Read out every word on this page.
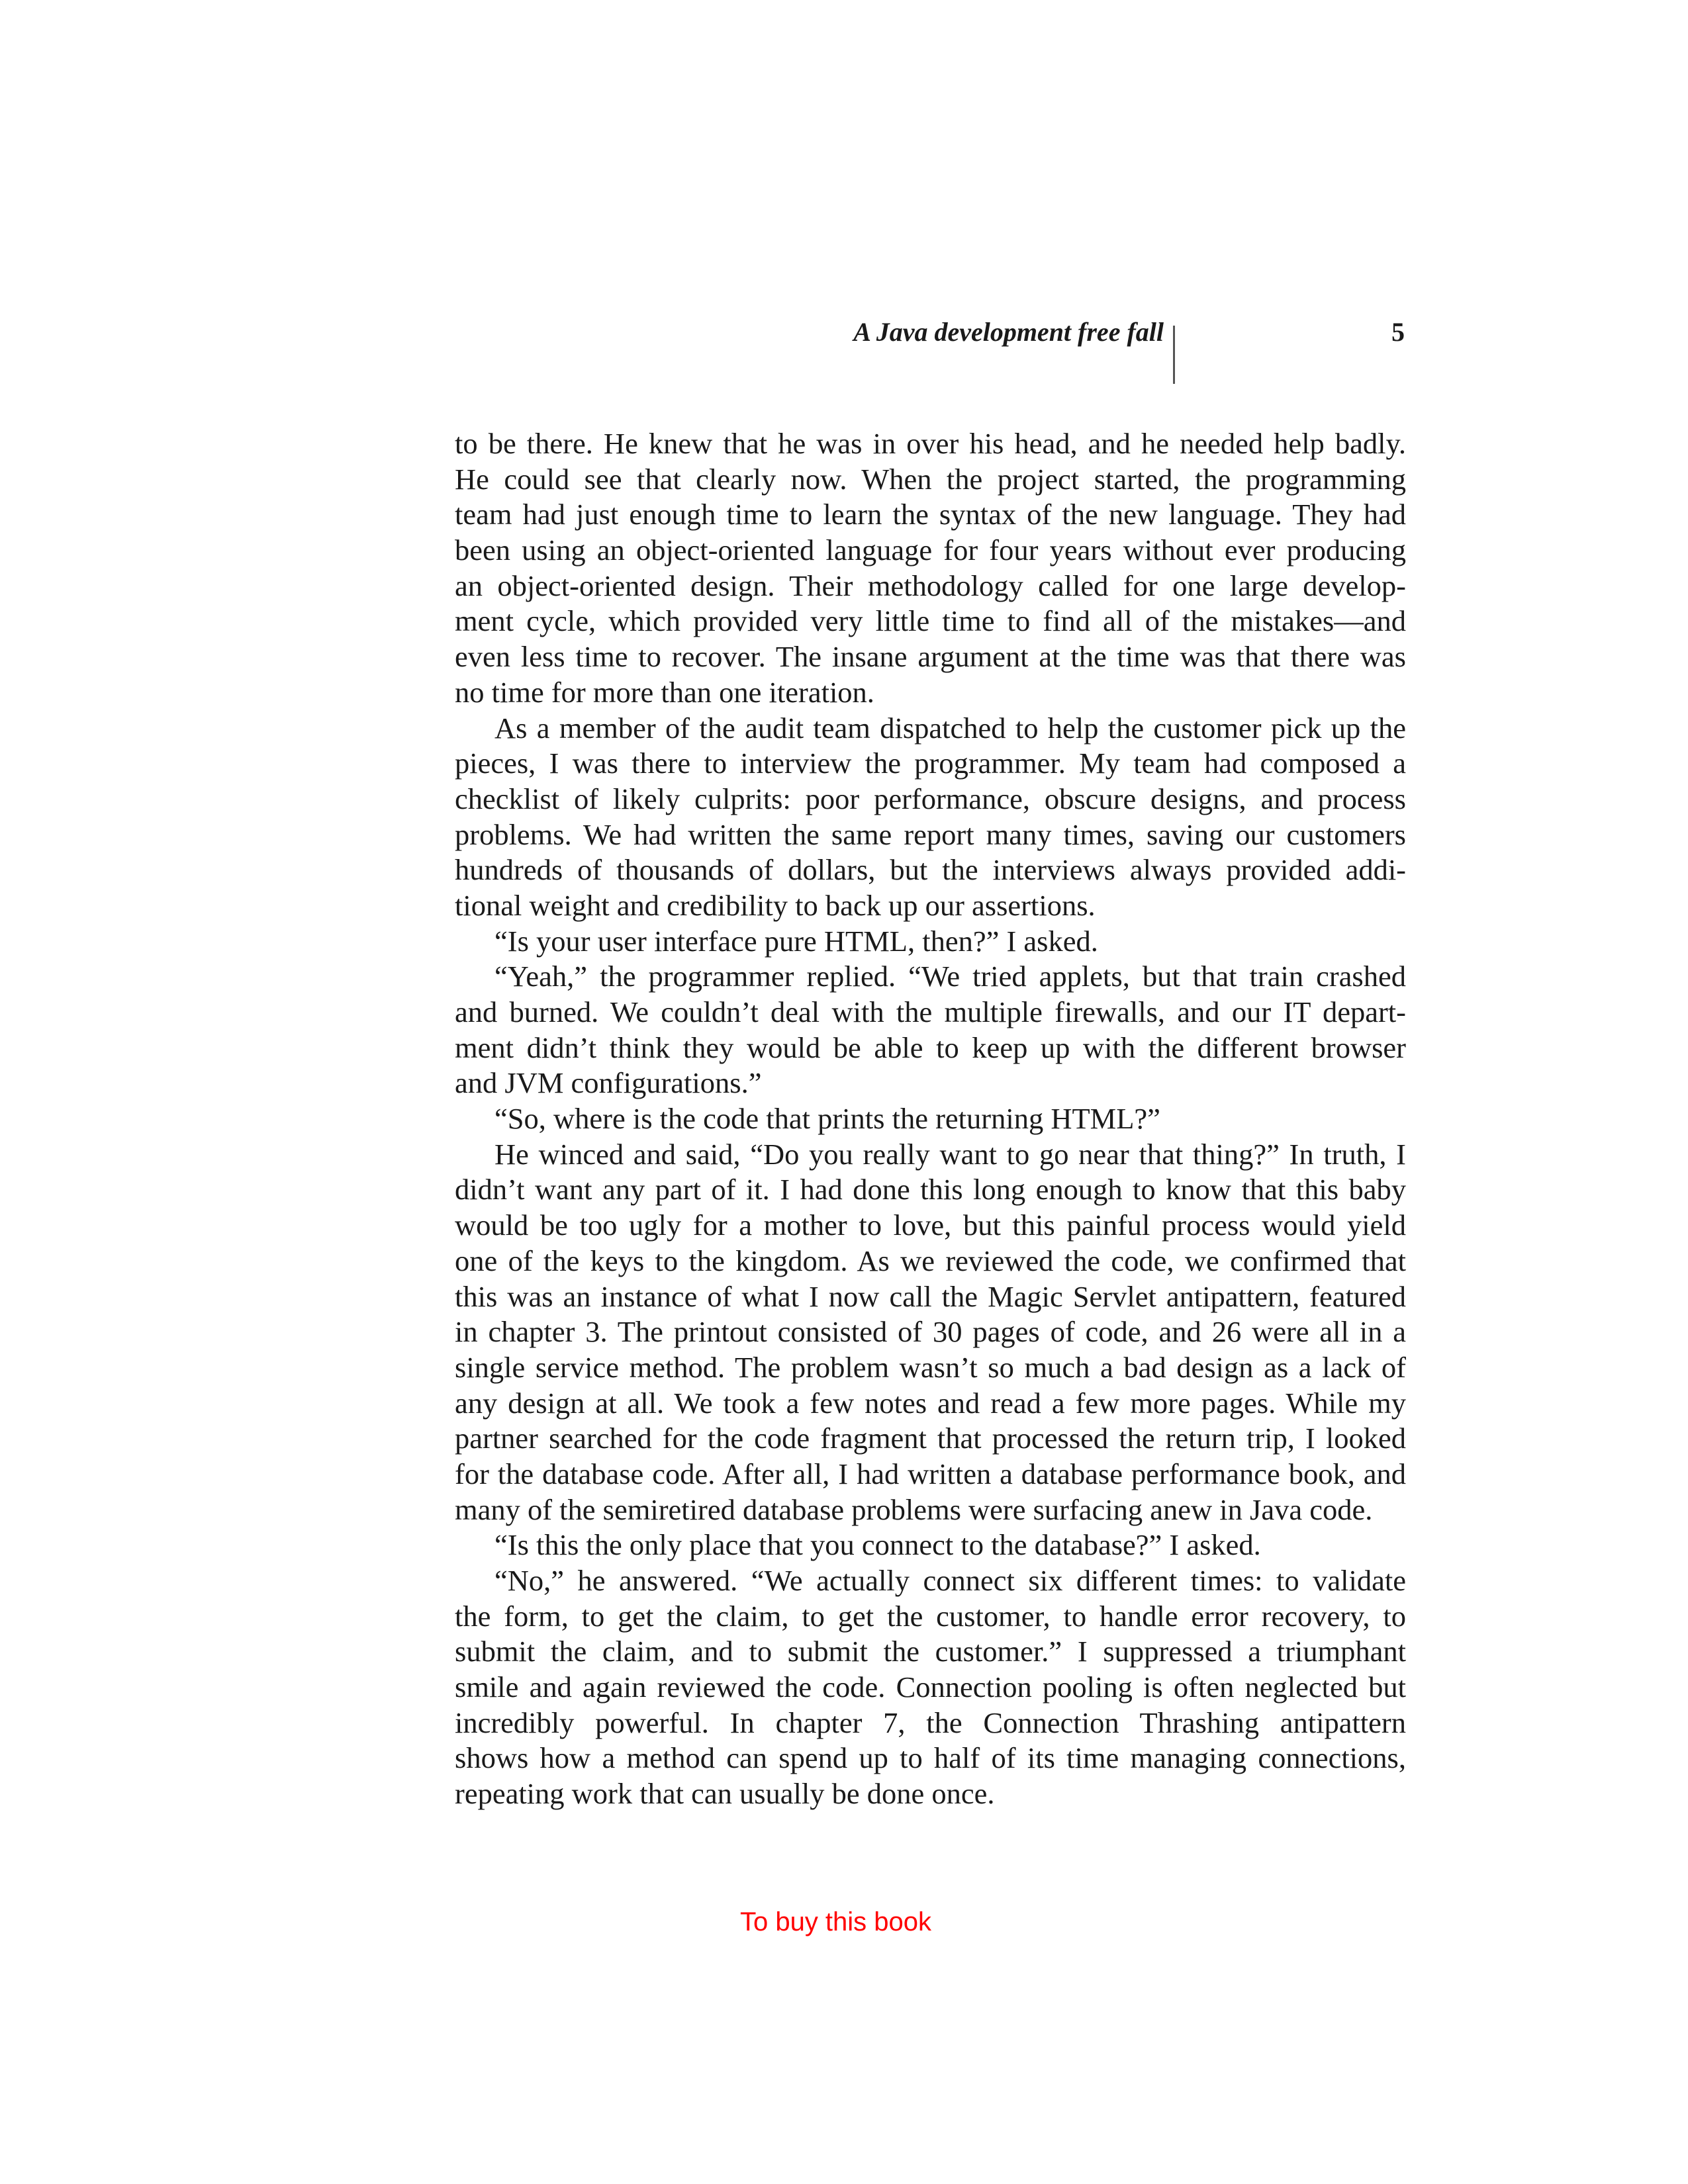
A Java development free fall	5
to be there. He knew that he was in over his head, and he needed help badly.
He could see that clearly now. When the project started, the programming
team had just enough time to learn the syntax of the new language. They had
been using an object-oriented language for four years without ever producing
an object-oriented design. Their methodology called for one large develop-
ment cycle, which provided very little time to find all of the mistakes—and
even less time to recover. The insane argument at the time was that there was
no time for more than one iteration.
As a member of the audit team dispatched to help the customer pick up the
pieces, I was there to interview the programmer. My team had composed a
checklist of likely culprits: poor performance, obscure designs, and process
problems. We had written the same report many times, saving our customers
hundreds of thousands of dollars, but the interviews always provided addi-
tional weight and credibility to back up our assertions.
“Is your user interface pure HTML, then?” I asked.
“Yeah,” the programmer replied. “We tried applets, but that train crashed
and burned. We couldn’t deal with the multiple firewalls, and our IT depart-
ment didn’t think they would be able to keep up with the different browser
and JVM configurations.”
“So, where is the code that prints the returning HTML?”
He winced and said, “Do you really want to go near that thing?” In truth, I
didn’t want any part of it. I had done this long enough to know that this baby
would be too ugly for a mother to love, but this painful process would yield
one of the keys to the kingdom. As we reviewed the code, we confirmed that
this was an instance of what I now call the Magic Servlet antipattern, featured
in chapter 3. The printout consisted of 30 pages of code, and 26 were all in a
single service method. The problem wasn’t so much a bad design as a lack of
any design at all. We took a few notes and read a few more pages. While my
partner searched for the code fragment that processed the return trip, I looked
for the database code. After all, I had written a database performance book, and
many of the semiretired database problems were surfacing anew in Java code.
“Is this the only place that you connect to the database?” I asked.
“No,” he answered. “We actually connect six different times: to validate
the form, to get the claim, to get the customer, to handle error recovery, to
submit the claim, and to submit the customer.” I suppressed a triumphant
smile and again reviewed the code. Connection pooling is often neglected but
incredibly powerful. In chapter 7, the Connection Thrashing antipattern
shows how a method can spend up to half of its time managing connections,
repeating work that can usually be done once.
To buy this book
